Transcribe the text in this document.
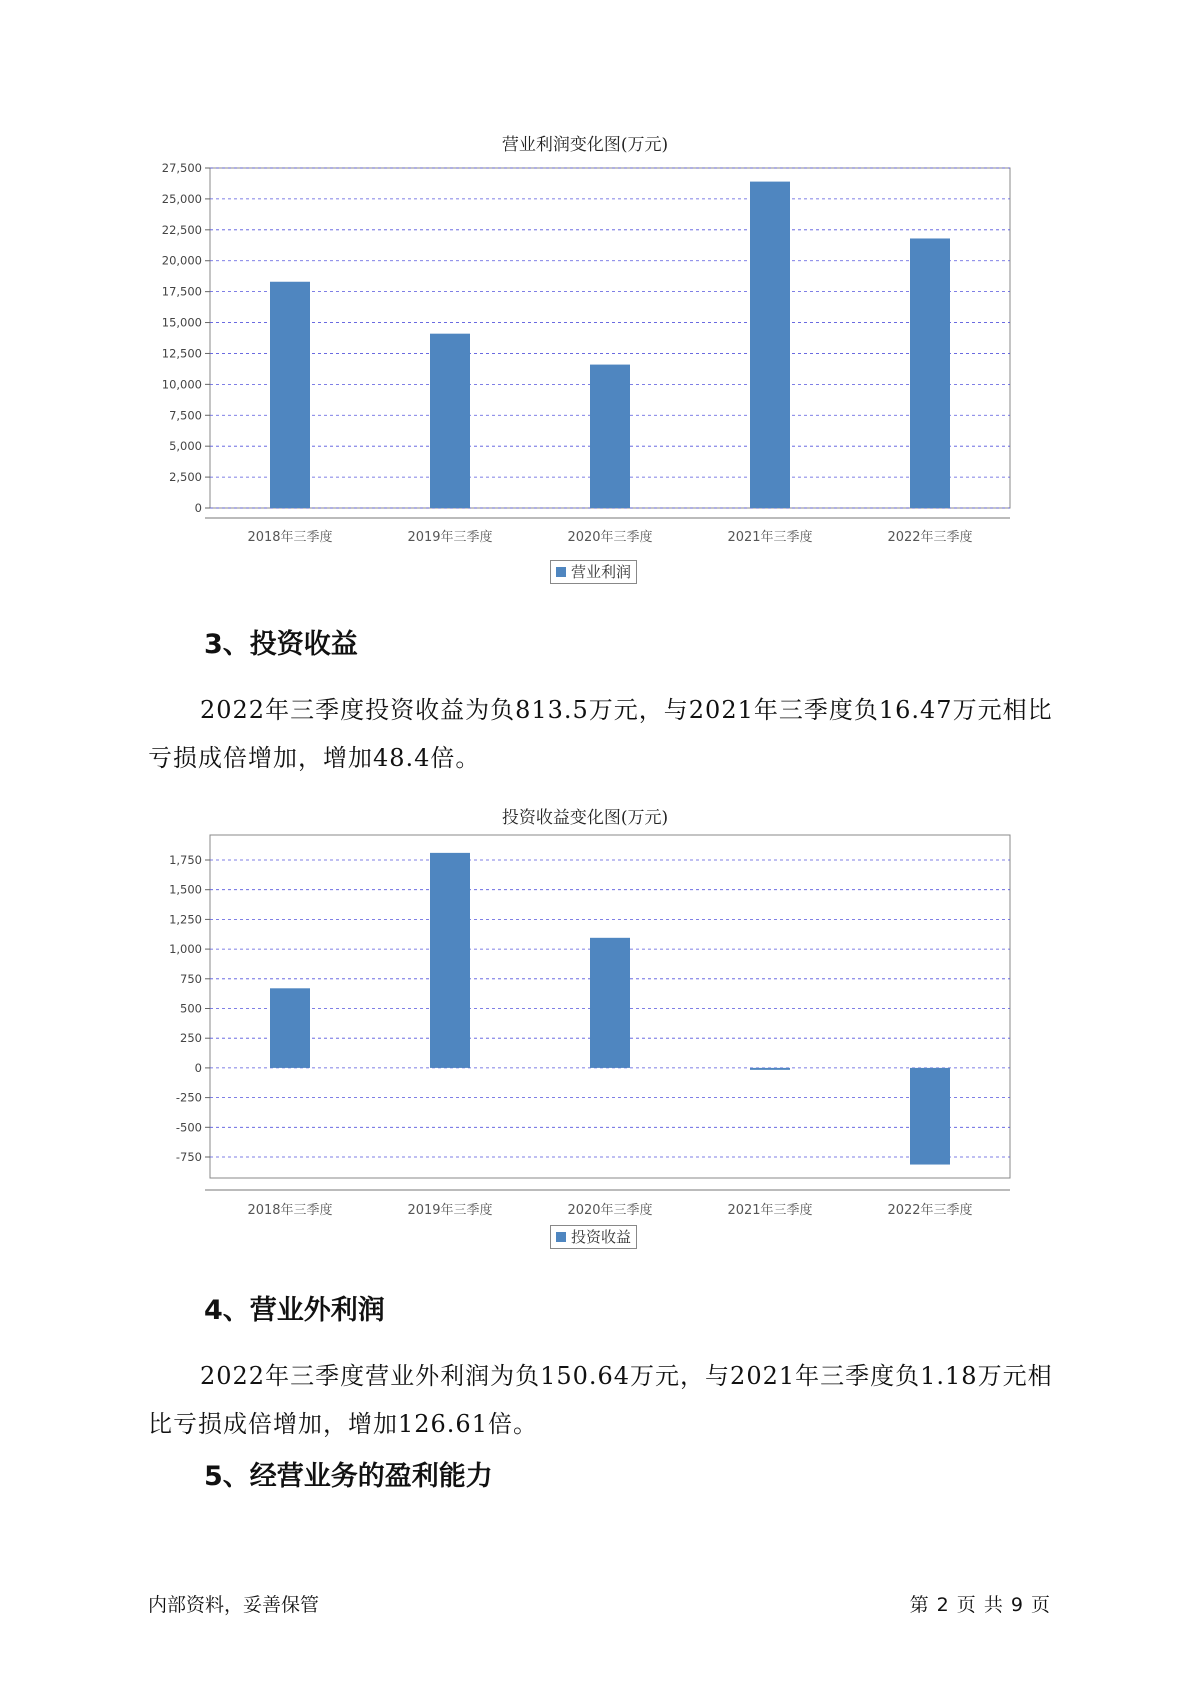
营业利润变化图(万元)

0
2,500
5,000
7,500
10,000
12,500
15,000
17,500
20,000
22,500
25,000
27,500
2018年三季度	2019年三季度	2020年三季度	2021年三季度	2022年三季度
营业利润

3、投资收益

2022年三季度投资收益为负813.5万元，与2021年三季度负16.47万元相比亏损成倍增加，增加48.4倍。

投资收益变化图(万元)

-750
-500
-250
0
250
500
750
1,000
1,250
1,500
1,750
2018年三季度	2019年三季度	2020年三季度	2021年三季度	2022年三季度
投资收益

4、营业外利润

2022年三季度营业外利润为负150.64万元，与2021年三季度负1.18万元相比亏损成倍增加，增加126.61倍。

5、经营业务的盈利能力

内部资料，妥善保管	第 2 页 共 9 页
